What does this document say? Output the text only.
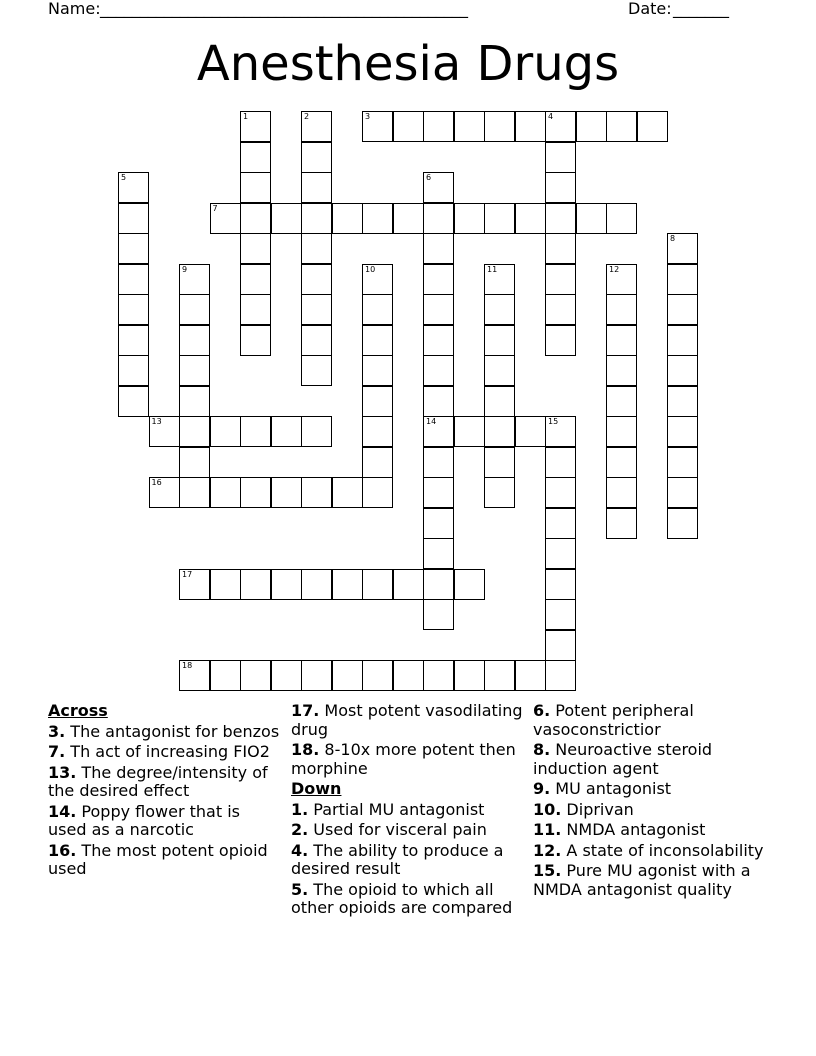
Name: ______________________________________________	Date: _______
Anesthesia Drugs
1	2	3	4
5	6
14
7
8
9	10	11	12
13	15
16
17
18
Across
3. The antagonist for benzos
7. Th act of increasing FIO2
13. The degree/intensity of the desired effect
14. Poppy flower that is used as a narcotic
16. The most potent opioid used
17. Most potent vasodilating drug
18. 8-10x more potent then morphine
Down
1. Partial MU antagonist
2. Used for visceral pain
4. The ability to produce a desired result
5. The opioid to which all other opioids are compared
6. Potent peripheral vasoconstrictior
8. Neuroactive steroid induction agent
9. MU antagonist
10. Diprivan
11. NMDA antagonist
12. A state of inconsolability
15. Pure MU agonist with a NMDA antagonist quality
